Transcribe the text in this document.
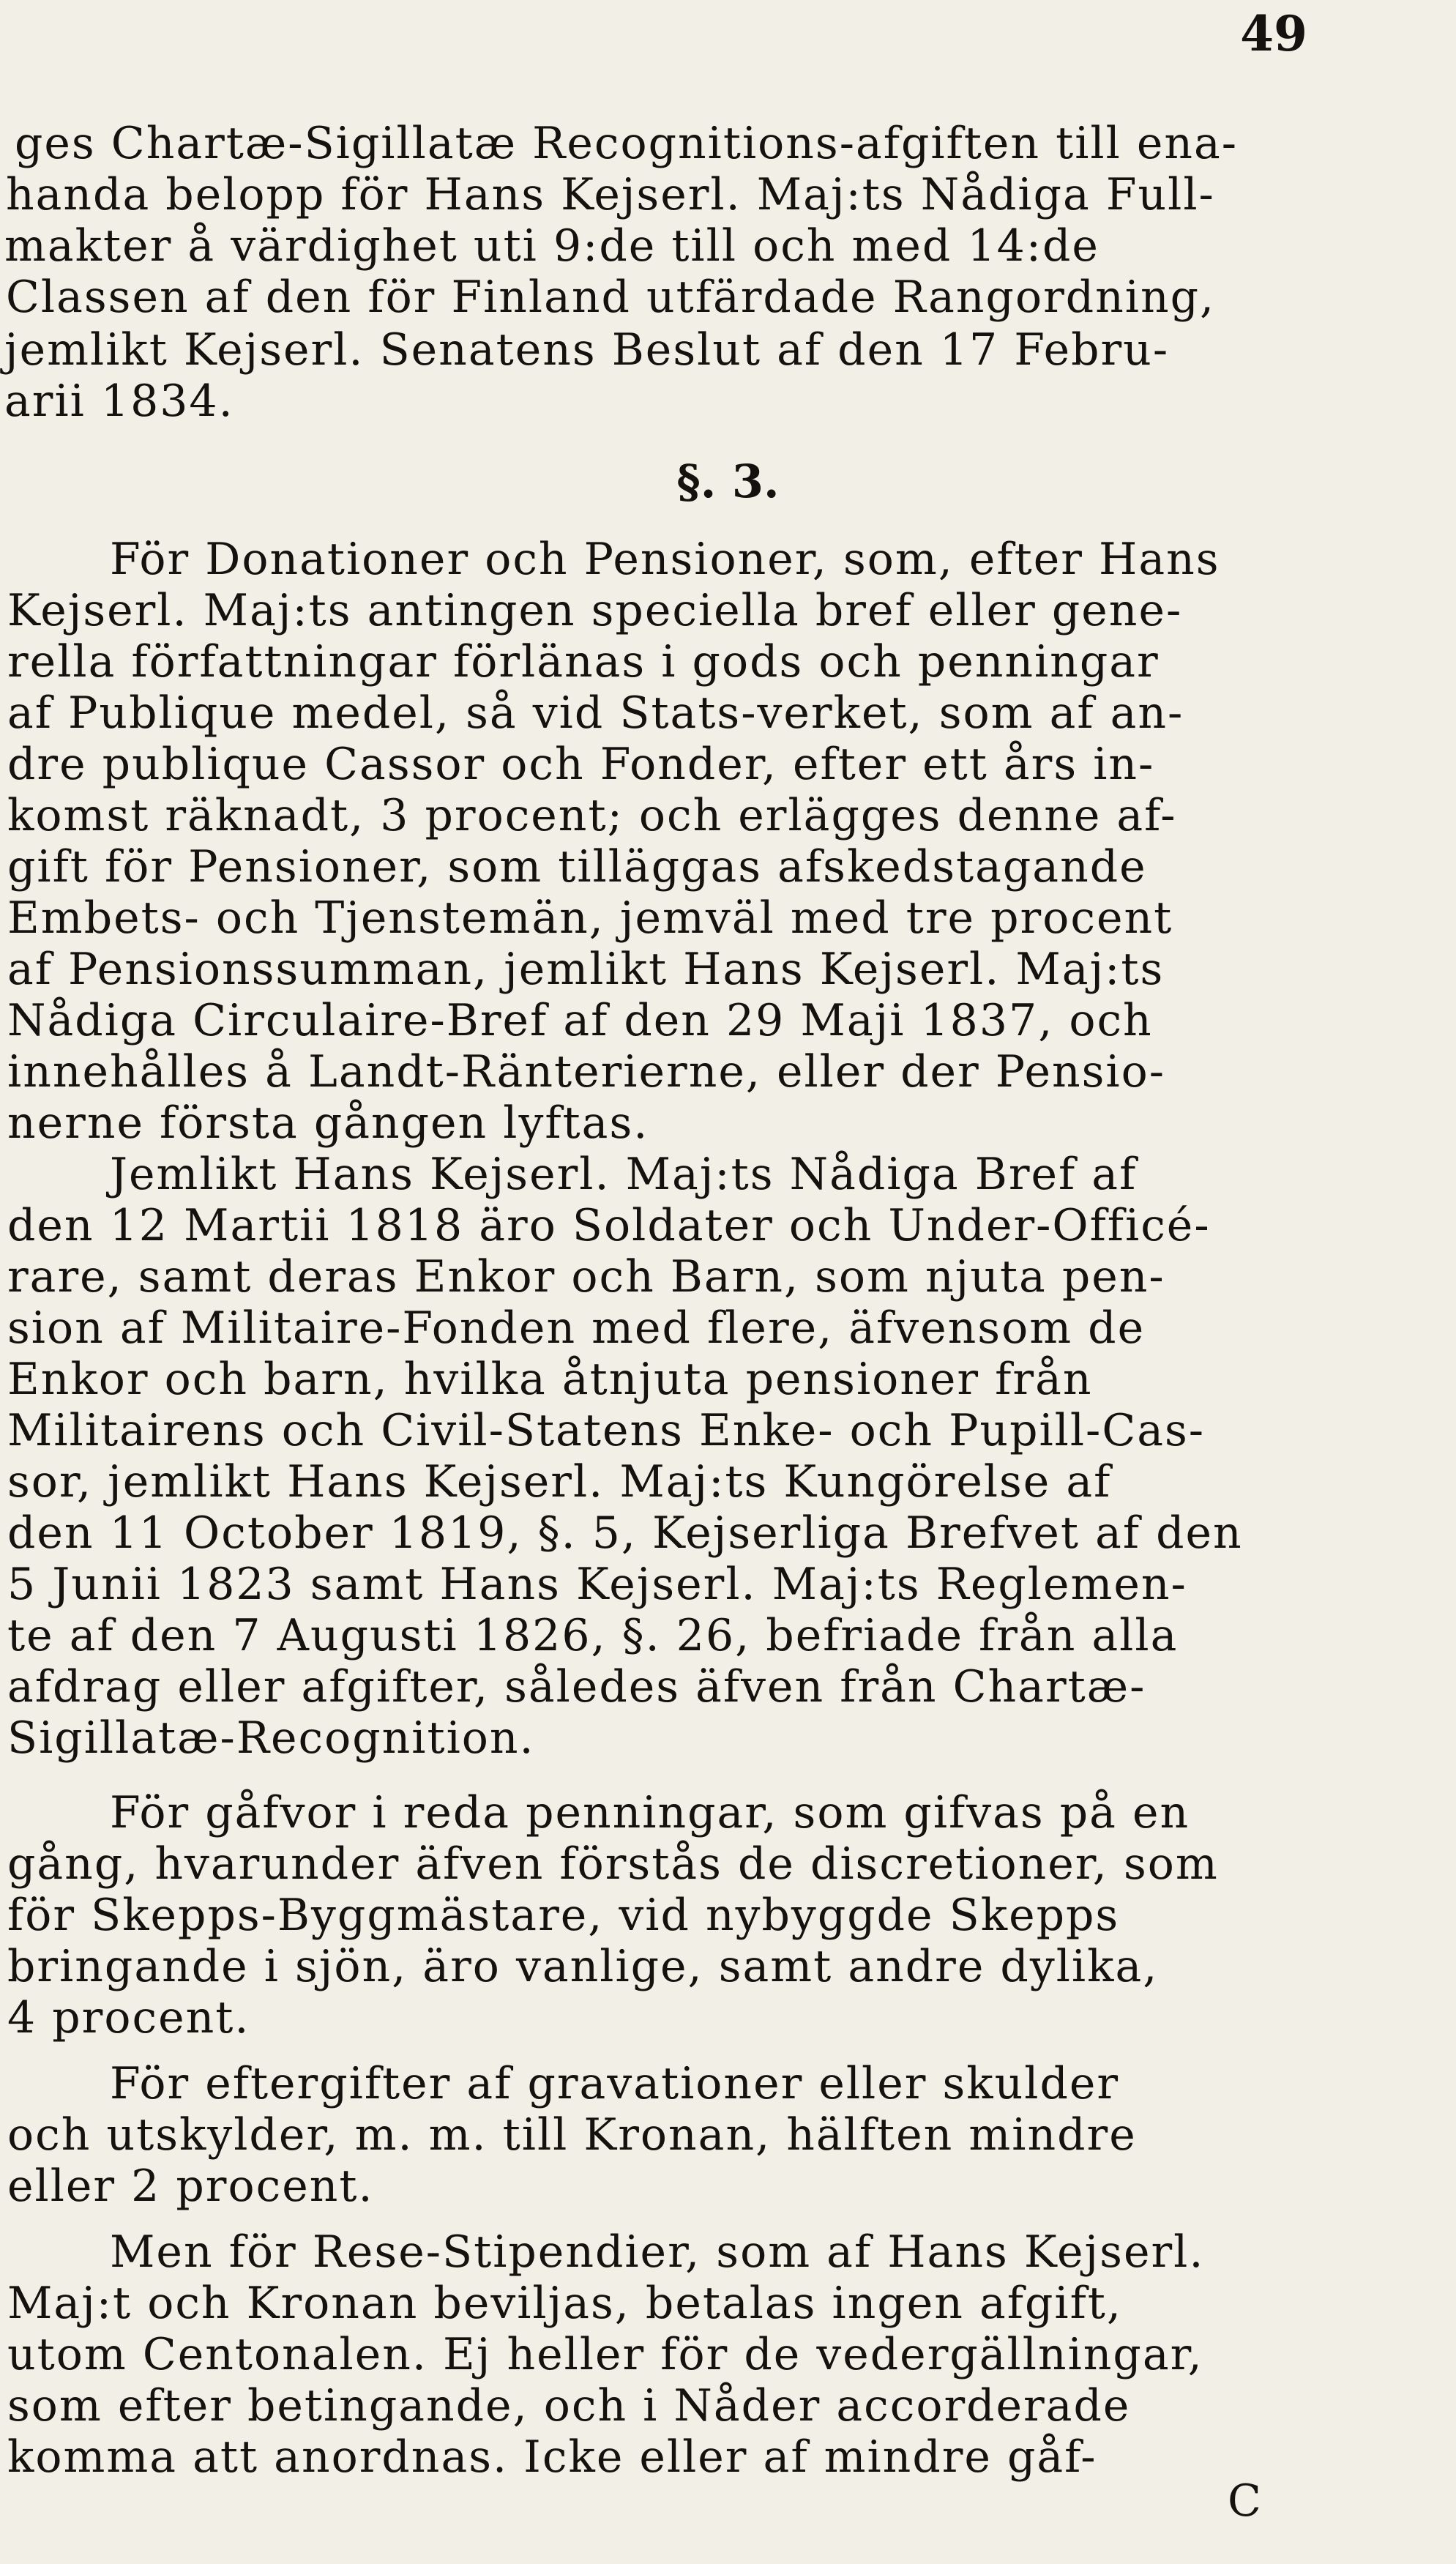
49
ges Chartæ-Sigillatæ Recognitions-afgiften till ena-
handa belopp för Hans Kejserl. Maj:ts Nådiga Full-
makter å värdighet uti 9:de till och med 14:de
Classen af den för Finland utfärdade Rangordning,
jemlikt Kejserl. Senatens Beslut af den 17 Febru-
arii 1834.
§. 3.
För Donationer och Pensioner, som, efter Hans
Kejserl. Maj:ts antingen speciella bref eller gene-
rella författningar förlänas i gods och penningar
af Publique medel, så vid Stats-verket, som af an-
dre publique Cassor och Fonder, efter ett års in-
komst räknadt, 3 procent; och erlägges denne af-
gift för Pensioner, som tilläggas afskedstagande
Embets- och Tjenstemän, jemväl med tre procent
af Pensionssumman, jemlikt Hans Kejserl. Maj:ts
Nådiga Circulaire-Bref af den 29 Maji 1837, och
innehålles å Landt-Ränterierne, eller der Pensio-
nerne första gången lyftas.
Jemlikt Hans Kejserl. Maj:ts Nådiga Bref af
den 12 Martii 1818 äro Soldater och Under-Officé-
rare, samt deras Enkor och Barn, som njuta pen-
sion af Militaire-Fonden med flere, äfvensom de
Enkor och barn, hvilka åtnjuta pensioner från
Militairens och Civil-Statens Enke- och Pupill-Cas-
sor, jemlikt Hans Kejserl. Maj:ts Kungörelse af
den 11 October 1819, §. 5, Kejserliga Brefvet af den
5 Junii 1823 samt Hans Kejserl. Maj:ts Reglemen-
te af den 7 Augusti 1826, §. 26, befriade från alla
afdrag eller afgifter, således äfven från Chartæ-
Sigillatæ-Recognition.
För gåfvor i reda penningar, som gifvas på en
gång, hvarunder äfven förstås de discretioner, som
för Skepps-Byggmästare, vid nybyggde Skepps
bringande i sjön, äro vanlige, samt andre dylika,
4 procent.
För eftergifter af gravationer eller skulder
och utskylder, m. m. till Kronan, hälften mindre
eller 2 procent.
Men för Rese-Stipendier, som af Hans Kejserl.
Maj:t och Kronan beviljas, betalas ingen afgift,
utom Centonalen. Ej heller för de vedergällningar,
som efter betingande, och i Nåder accorderade
komma att anordnas. Icke eller af mindre gåf-
C
